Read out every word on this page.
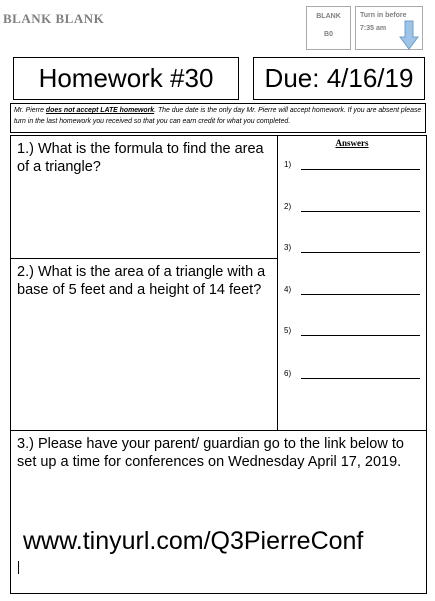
BLANK BLANK	BLANK
B0
Turn in before
7:35 am
Homework #30	Due: 4/16/19
Mr. Pierre does not accept LATE homework. The due date is the only day Mr. Pierre will accept homework. If you are absent please turn in the last homework you received so that you can earn credit for what you completed.
1.) What is the formula to find the area of a triangle?
2.) What is the area of a triangle with a base of 5 feet and a height of 14 feet?
Answers
1)
2)
3)
4)
5)
6)
3.) Please have your parent/ guardian go to the link below to set up a time for conferences on Wednesday April 17, 2019.
www.tinyurl.com/Q3PierreConf
